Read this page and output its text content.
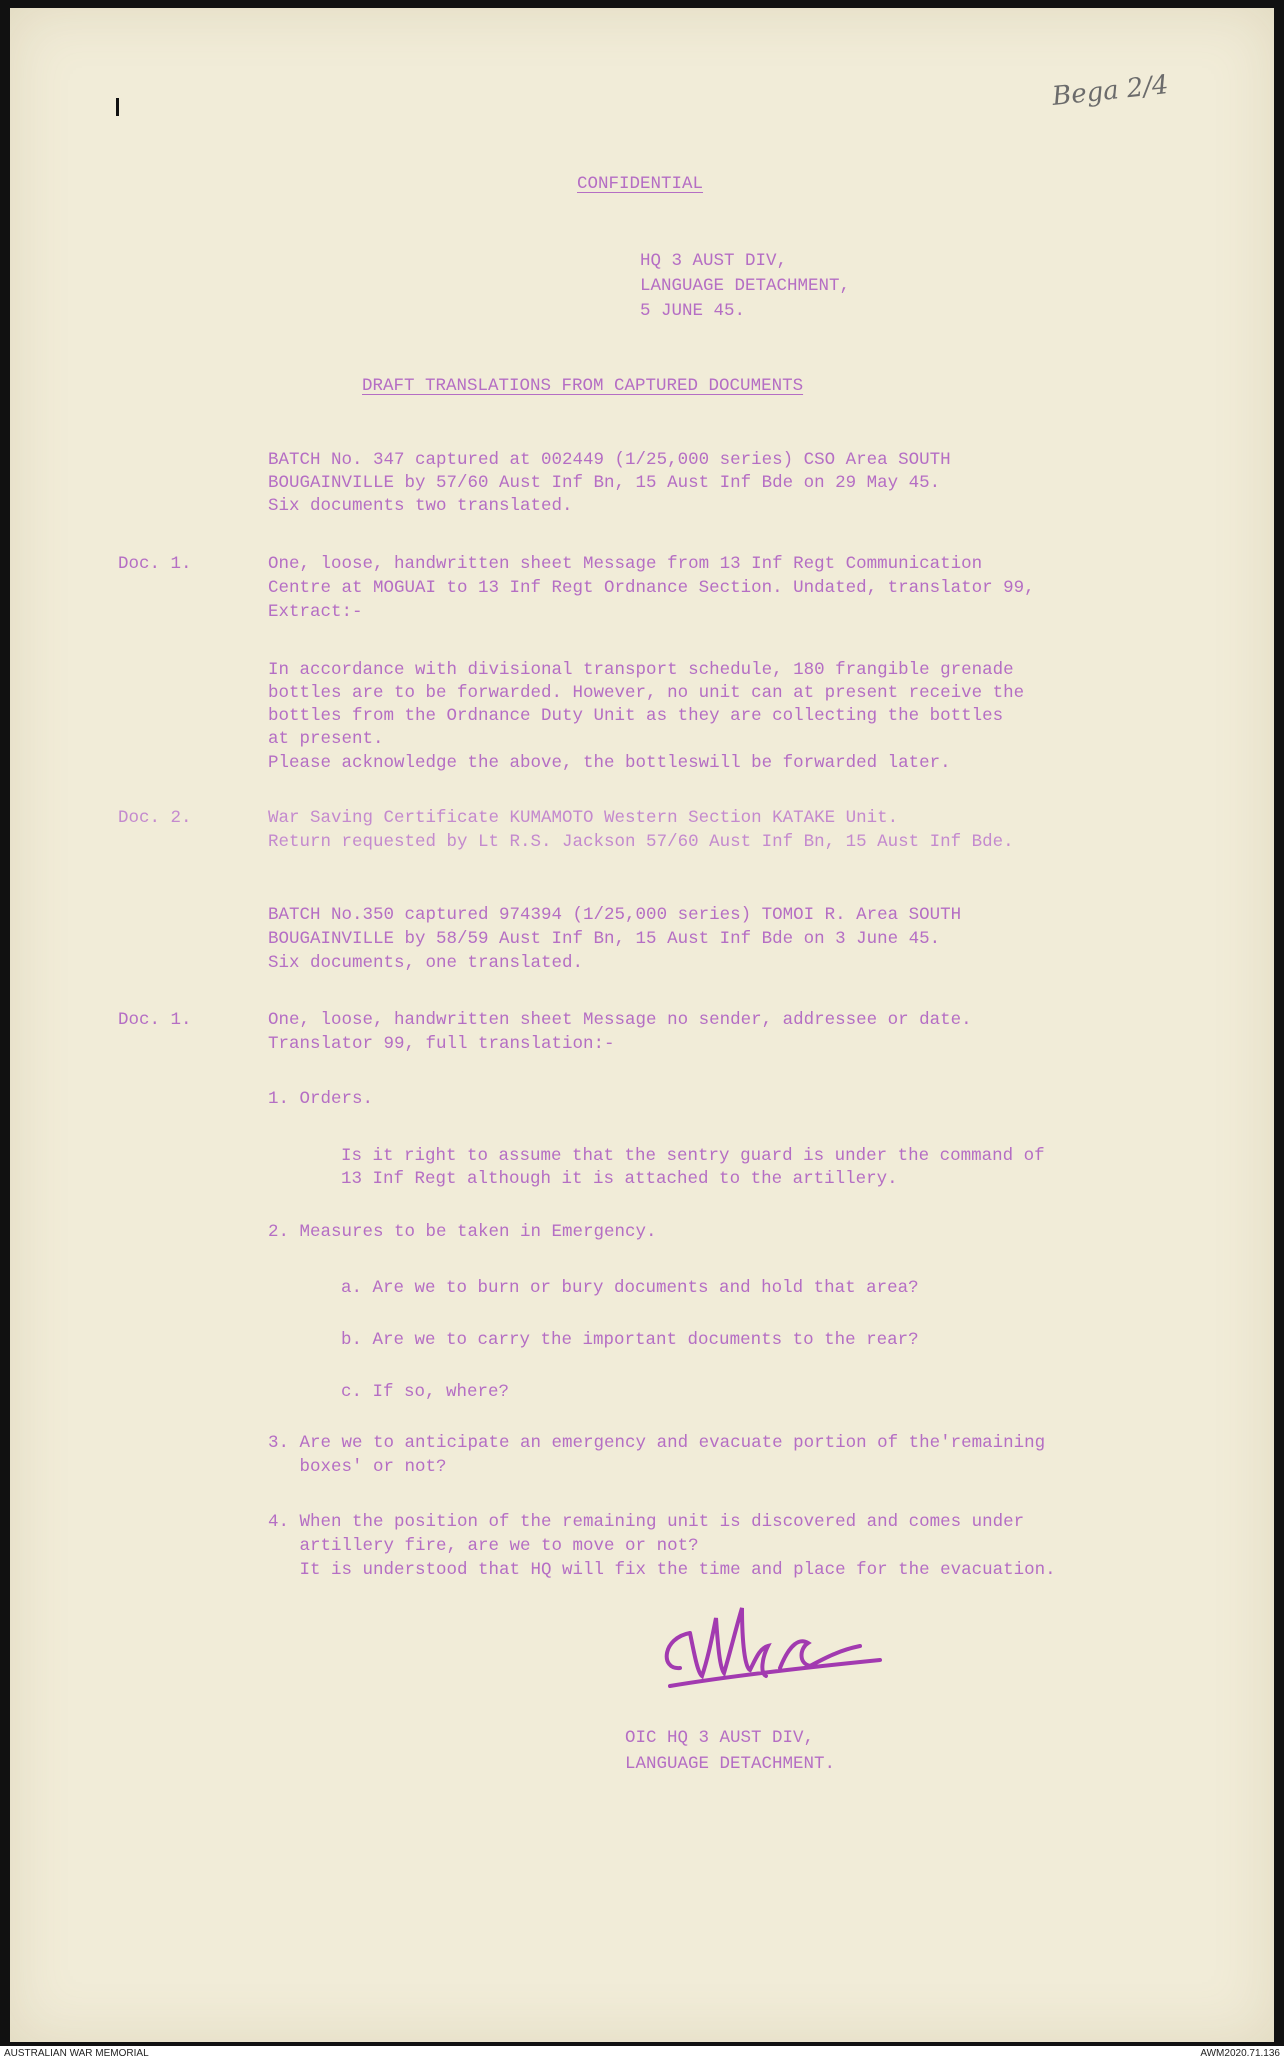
Bega 2/4
CONFIDENTIAL
HQ 3 AUST DIV,
LANGUAGE DETACHMENT,
5 JUNE 45.
DRAFT TRANSLATIONS FROM CAPTURED DOCUMENTS
BATCH No. 347 captured at 002449 (1/25,000 series) CSO Area SOUTH
BOUGAINVILLE by 57/60 Aust Inf Bn, 15 Aust Inf Bde on 29 May 45.
Six documents two translated.
Doc. 1.	One, loose, handwritten sheet Message from 13 Inf Regt Communication
Centre at MOGUAI to 13 Inf Regt Ordnance Section. Undated, translator 99,
Extract:-
In accordance with divisional transport schedule, 180 frangible grenade
bottles are to be forwarded. However, no unit can at present receive the
bottles from the Ordnance Duty Unit as they are collecting the bottles
at present.
Please acknowledge the above, the bottleswill be forwarded later.
Doc. 2.	War Saving Certificate KUMAMOTO Western Section KATAKE Unit.
Return requested by Lt R.S. Jackson 57/60 Aust Inf Bn, 15 Aust Inf Bde.
BATCH No.350 captured 974394 (1/25,000 series) TOMOI R. Area SOUTH
BOUGAINVILLE by 58/59 Aust Inf Bn, 15 Aust Inf Bde on 3 June 45.
Six documents, one translated.
Doc. 1.	One, loose, handwritten sheet Message no sender, addressee or date.
Translator 99, full translation:-
1. Orders.
Is it right to assume that the sentry guard is under the command of
13 Inf Regt although it is attached to the artillery.
2. Measures to be taken in Emergency.
a. Are we to burn or bury documents and hold that area?
b. Are we to carry the important documents to the rear?
c. If so, where?
3. Are we to anticipate an emergency and evacuate portion of the'remaining
boxes' or not?
4. When the position of the remaining unit is discovered and comes under
artillery fire, are we to move or not?
It is understood that HQ will fix the time and place for the evacuation.
OIC HQ 3 AUST DIV,
LANGUAGE DETACHMENT.
AUSTRALIAN WAR MEMORIAL	AWM2020.71.136
